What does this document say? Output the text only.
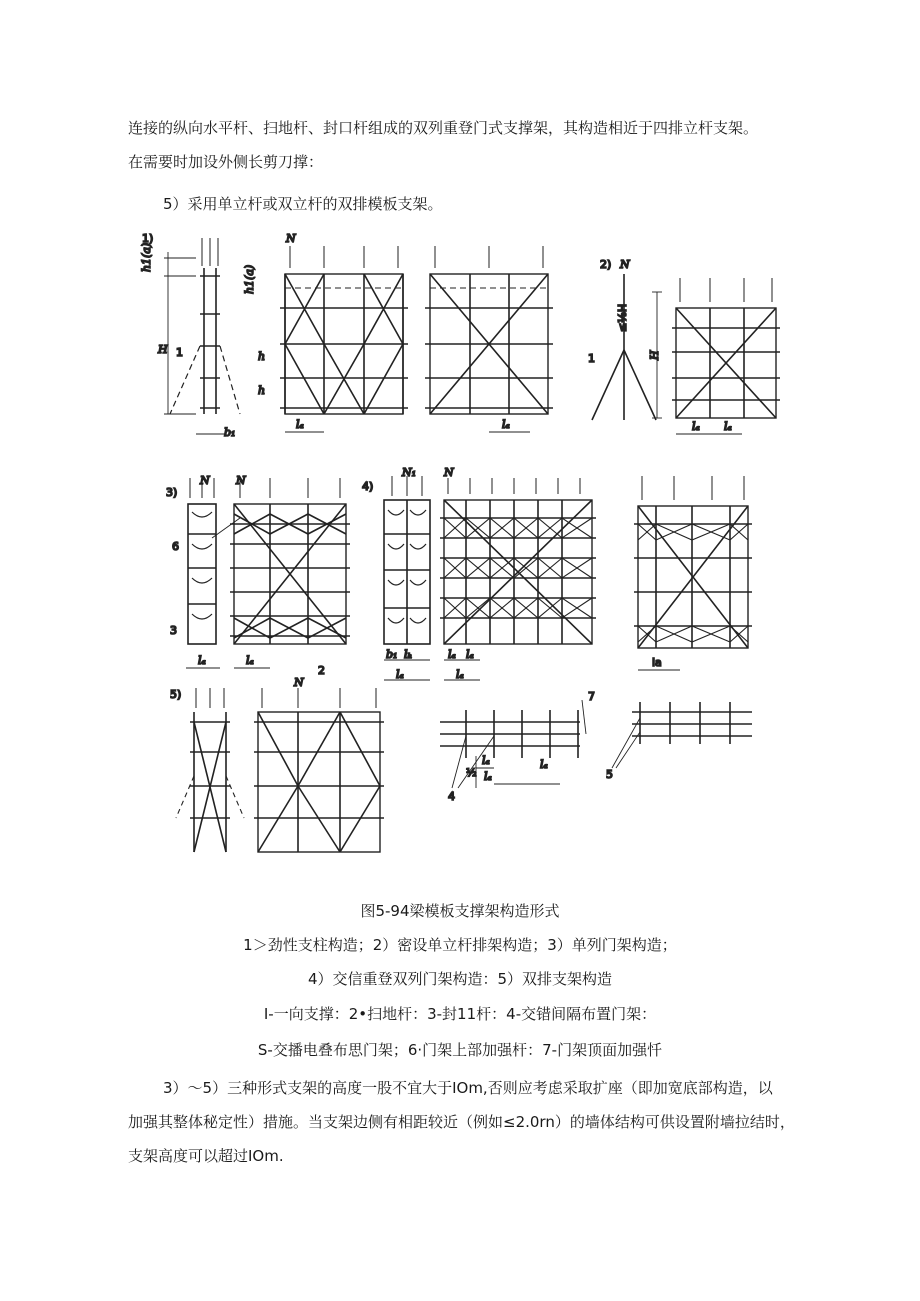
连接的纵向水平杆、扫地杆、封口杆组成的双列重登门式支撑架，其构造相近于四排立杆支架。
在需要时加设外侧长剪刀撑：
5）采用单立杆或双立杆的双排模板支架。
1)
h1(a)
H 1
b₁
h1(a)
N
h
h
lₐ	lₐ
2) N
1
≤⅓H
H
lₐ lₐ
3)
N
6
3
lₐ
N
lₐ
2
4)
N₁
b₁ lₕ
lₐ
N
lₐ lₐ
lₐ
la
5)
N
7
4
lₐ	lₐ
lₐ
½	5
图5-94梁模板支撑架构造形式
1＞劲性支柱构造；2）密设单立杆排架构造；3）单列门架构造；
4）交信重登双列门架构造：5）双排支架构造
I-一向支撑：2•扫地杆：3-封11杆：4-交错间隔布置门架：
S-交播电叠布思门架；6·门架上部加强杆：7-门架顶面加强忏
3）～5）三种形式支架的高度一股不宜大于IOm,否则应考虑采取扩座（即加宽底部构造，以
加强其整体秘定性）措施。当支架边侧有相距较近（例如≤2.0rn）的墙体结构可供设置附墙拉结时，
支架高度可以超过IOm.
